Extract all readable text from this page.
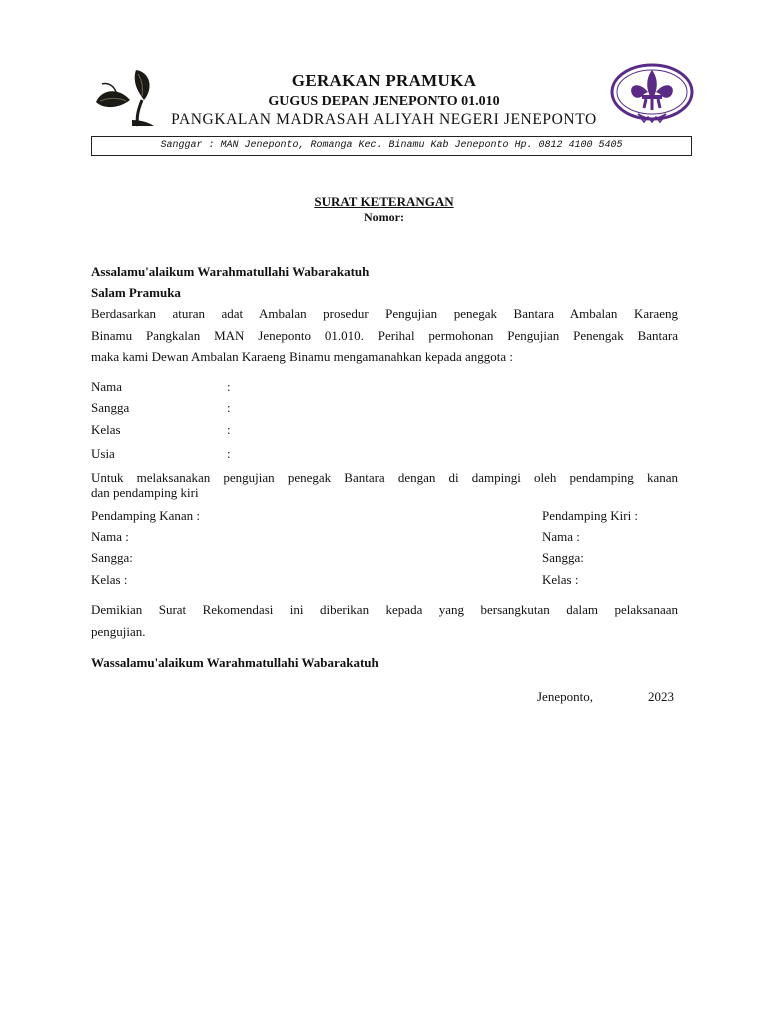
GERAKAN PRAMUKA
GUGUS DEPAN JENEPONTO 01.010
PANGKALAN MADRASAH ALIYAH NEGERI JENEPONTO
Sanggar : MAN Jeneponto, Romanga Kec. Binamu Kab Jeneponto Hp. 0812 4100 5405
SURAT KETERANGAN
Nomor:
Assalamu'alaikum Warahmatullahi Wabarakatuh
Salam Pramuka
Berdasarkan aturan adat Ambalan prosedur Pengujian penegak Bantara Ambalan Karaeng
Binamu Pangkalan MAN Jeneponto 01.010. Perihal permohonan Pengujian Penengak Bantara
maka kami Dewan Ambalan Karaeng Binamu mengamanahkan kepada anggota :
Nama	:
Sangga	:
Kelas	:
Usia	:
Untuk melaksanakan pengujian penegak Bantara dengan di dampingi oleh pendamping kanan
dan pendamping kiri
Pendamping Kanan :	Pendamping Kiri :
Nama :	Nama :
Sangga:	Sangga:
Kelas :	Kelas :
Demikian Surat Rekomendasi ini diberikan kepada yang bersangkutan dalam pelaksanaan
pengujian.
Wassalamu'alaikum Warahmatullahi Wabarakatuh
Jeneponto,	2023
